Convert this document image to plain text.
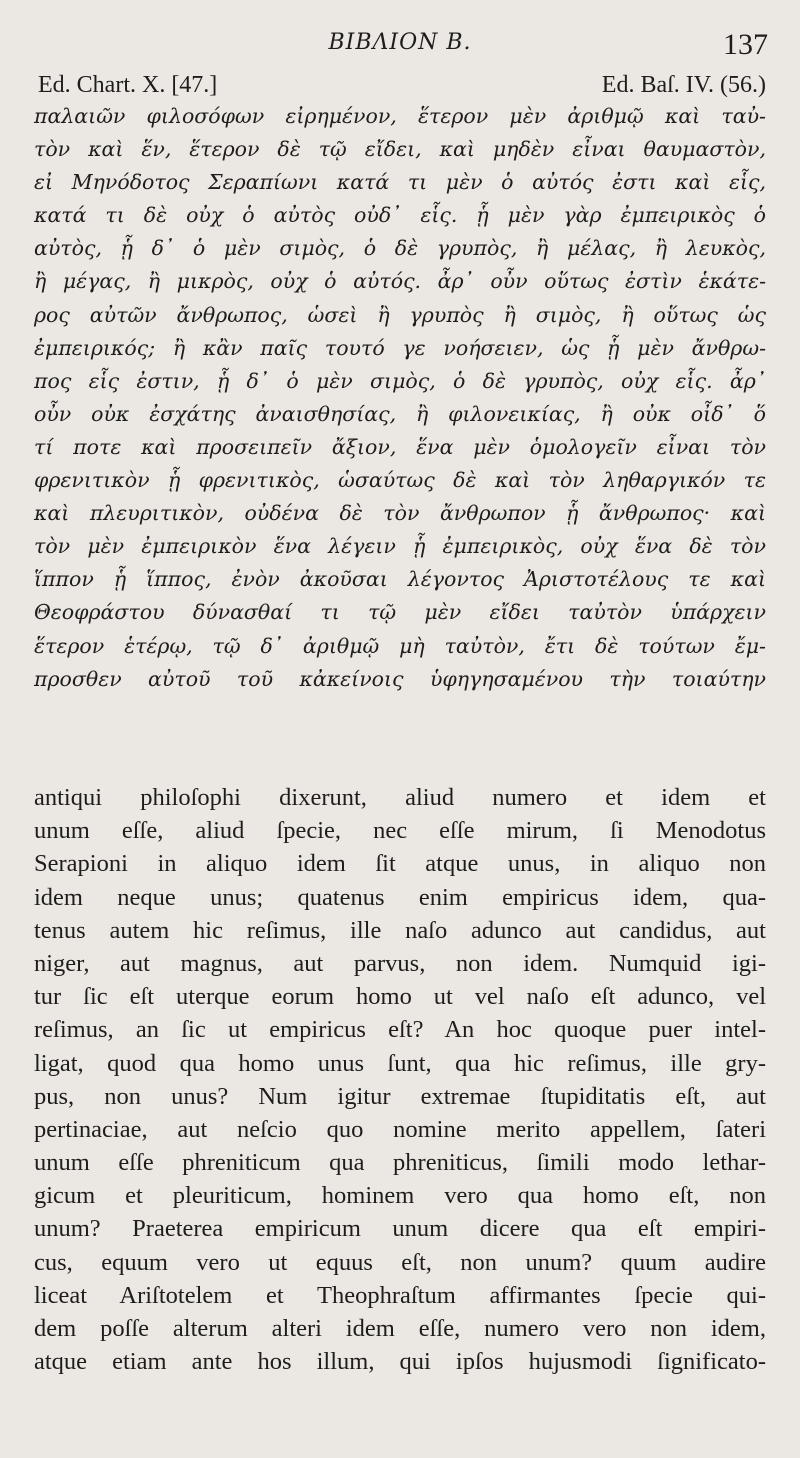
ΒΙΒΛΙΟΝ Β.	137
Ed. Chart. X. [47.]	Ed. Baſ. IV. (56.)
παλαιῶν φιλοσόφων εἰρημένον, ἕτερον μὲν ἀριθμῷ καὶ ταὐ-
τὸν καὶ ἕν, ἕτερον δὲ τῷ εἴδει, καὶ μηδὲν εἶναι θαυμαστὸν,
εἰ Μηνόδοτος Σεραπίωνι κατά τι μὲν ὁ αὐτός ἐστι καὶ εἷς,
κατά τι δὲ οὐχ ὁ αὐτὸς οὐδ᾽ εἷς. ᾗ μὲν γὰρ ἐμπειρικὸς ὁ
αὐτὸς, ᾗ δ᾽ ὁ μὲν σιμὸς, ὁ δὲ γρυπὸς, ἢ μέλας, ἢ λευκὸς,
ἢ μέγας, ἢ μικρὸς, οὐχ ὁ αὐτός. ἆρ᾽ οὖν οὕτως ἐστὶν ἑκάτε-
ρος αὐτῶν ἄνθρωπος, ὡσεὶ ἢ γρυπὸς ἢ σιμὸς, ἢ οὕτως ὡς
ἐμπειρικός; ἢ κἂν παῖς τουτό γε νοήσειεν, ὡς ᾗ μὲν ἄνθρω-
πος εἷς ἐστιν, ᾗ δ᾽ ὁ μὲν σιμὸς, ὁ δὲ γρυπὸς, οὐχ εἷς. ἆρ᾽
οὖν οὐκ ἐσχάτης ἀναισθησίας, ἢ φιλονεικίας, ἢ οὐκ οἶδ᾽ ὅ
τί ποτε καὶ προσειπεῖν ἄξιον, ἕνα μὲν ὁμολογεῖν εἶναι τὸν
φρενιτικὸν ᾗ φρενιτικὸς, ὡσαύτως δὲ καὶ τὸν ληθαργικόν τε
καὶ πλευριτικὸν, οὐδένα δὲ τὸν ἄνθρωπον ᾗ ἄνθρωπος· καὶ
τὸν μὲν ἐμπειρικὸν ἕνα λέγειν ᾗ ἐμπειρικὸς, οὐχ ἕνα δὲ τὸν
ἵππον ᾗ ἵππος, ἐνὸν ἀκοῦσαι λέγοντος Ἀριστοτέλους τε καὶ
Θεοφράστου δύνασθαί τι τῷ μὲν εἴδει ταὐτὸν ὑπάρχειν
ἕτερον ἑτέρῳ, τῷ δ᾽ ἀριθμῷ μὴ ταὐτὸν, ἔτι δὲ τούτων ἔμ-
προσθεν αὐτοῦ τοῦ κἀκείνοις ὑφηγησαμένου τὴν τοιαύτην
antiqui philoſophi dixerunt, aliud numero et idem et
unum eſſe, aliud ſpecie, nec eſſe mirum, ſi Menodotus
Serapioni in aliquo idem ſit atque unus, in aliquo non
idem neque unus; quatenus enim empiricus idem, qua-
tenus autem hic reſimus, ille naſo adunco aut candidus, aut
niger, aut magnus, aut parvus, non idem. Numquid igi-
tur ſic eſt uterque eorum homo ut vel naſo eſt adunco, vel
reſimus, an ſic ut empiricus eſt? An hoc quoque puer intel-
ligat, quod qua homo unus ſunt, qua hic reſimus, ille gry-
pus, non unus? Num igitur extremae ſtupiditatis eſt, aut
pertinaciae, aut neſcio quo nomine merito appellem, ſateri
unum eſſe phreniticum qua phreniticus, ſimili modo lethar-
gicum et pleuriticum, hominem vero qua homo eſt, non
unum? Praeterea empiricum unum dicere qua eſt empiri-
cus, equum vero ut equus eſt, non unum? quum audire
liceat Ariſtotelem et Theophraſtum affirmantes ſpecie qui-
dem poſſe alterum alteri idem eſſe, numero vero non idem,
atque etiam ante hos illum, qui ipſos hujusmodi ſignificato-
